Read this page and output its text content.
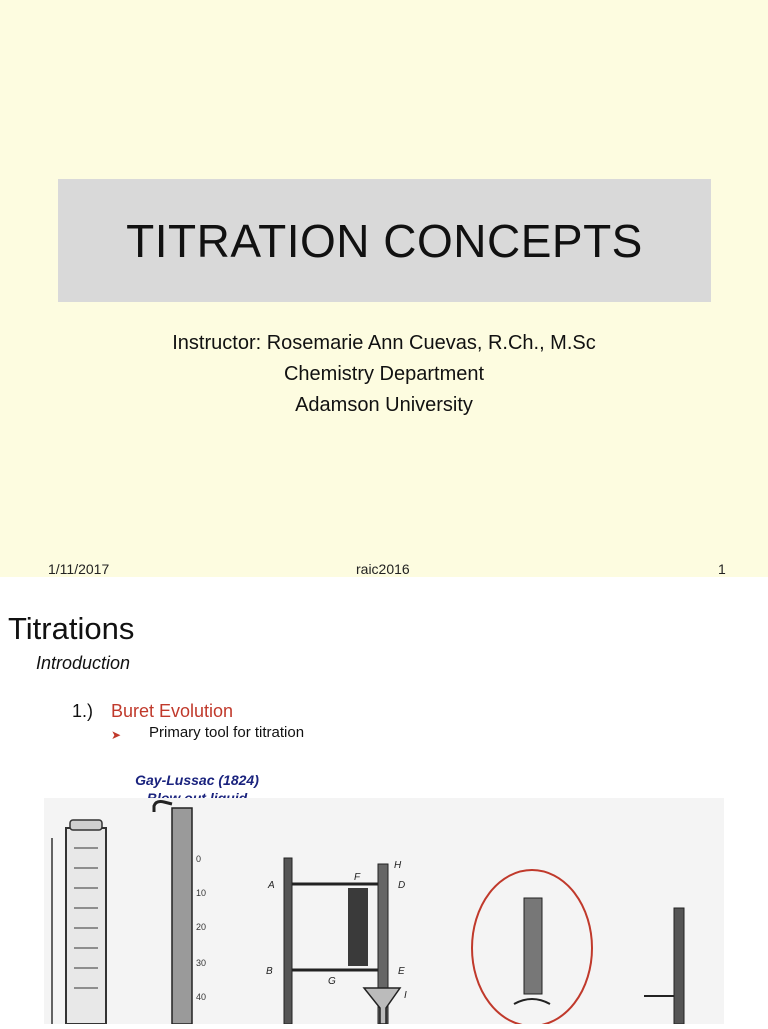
TITRATION CONCEPTS
Instructor: Rosemarie Ann Cuevas, R.Ch., M.Sc
Chemistry Department
Adamson University
1/11/2017	raic2016	1
Titrations
Introduction
1.) Buret Evolution
➤ Primary tool for titration
Gay-Lussac (1824)
0
10
20
30
40
A
B
D
E
F
G
H
I
